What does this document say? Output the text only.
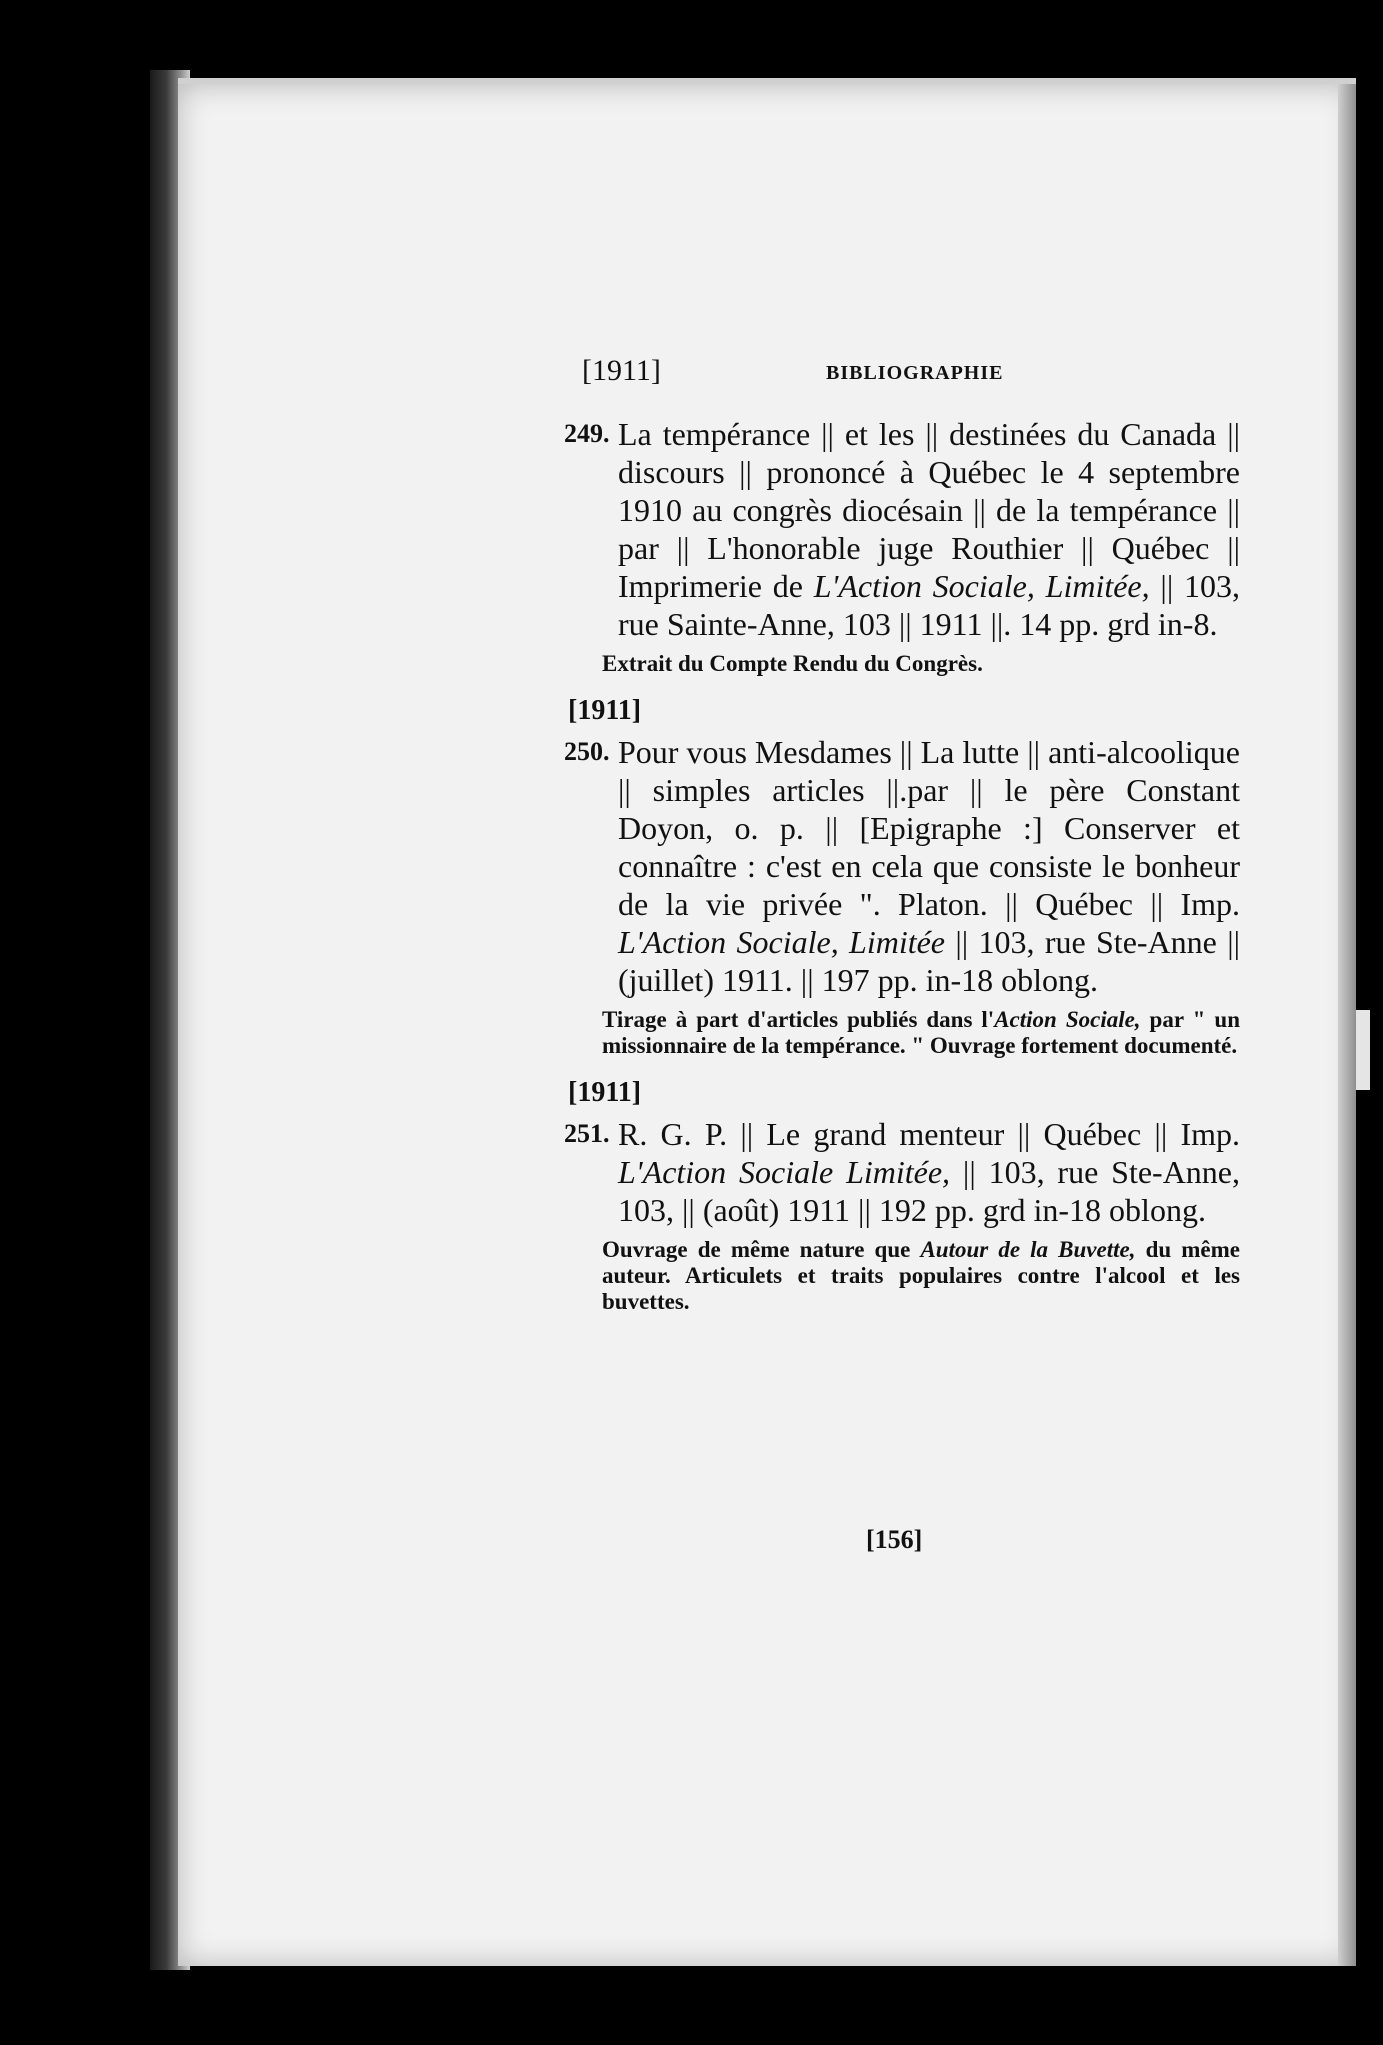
[1911]	BIBLIOGRAPHIE
249. La tempérance || et les || destinées du Canada || discours || prononcé à Québec le 4 septembre 1910 au congrès diocésain || de la tempérance || par || L'honorable juge Routhier || Québec || Imprimerie de L'Action Sociale, Limitée, || 103, rue Sainte-Anne, 103 || 1911 ||. 14 pp. grd in-8.
Extrait du Compte Rendu du Congrès.
[1911]
250. Pour vous Mesdames || La lutte || anti-alcoolique || simples articles ||.par || le père Constant Doyon, o. p. || [Epigraphe :] Conserver et connaître : c'est en cela que consiste le bonheur de la vie privée ". Platon. || Québec || Imp. L'Action Sociale, Limitée || 103, rue Ste-Anne ||(juillet) 1911. || 197 pp. in-18 oblong.
Tirage à part d'articles publiés dans l'Action Sociale, par " un missionnaire de la tempérance. " Ouvrage fortement documenté.
[1911]
251. R. G. P. || Le grand menteur || Québec || Imp. L'Action Sociale Limitée, || 103, rue Ste-Anne, 103, || (août) 1911 || 192 pp. grd in-18 oblong.
Ouvrage de même nature que Autour de la Buvette, du même auteur. Articulets et traits populaires contre l'alcool et les buvettes.
[156]
